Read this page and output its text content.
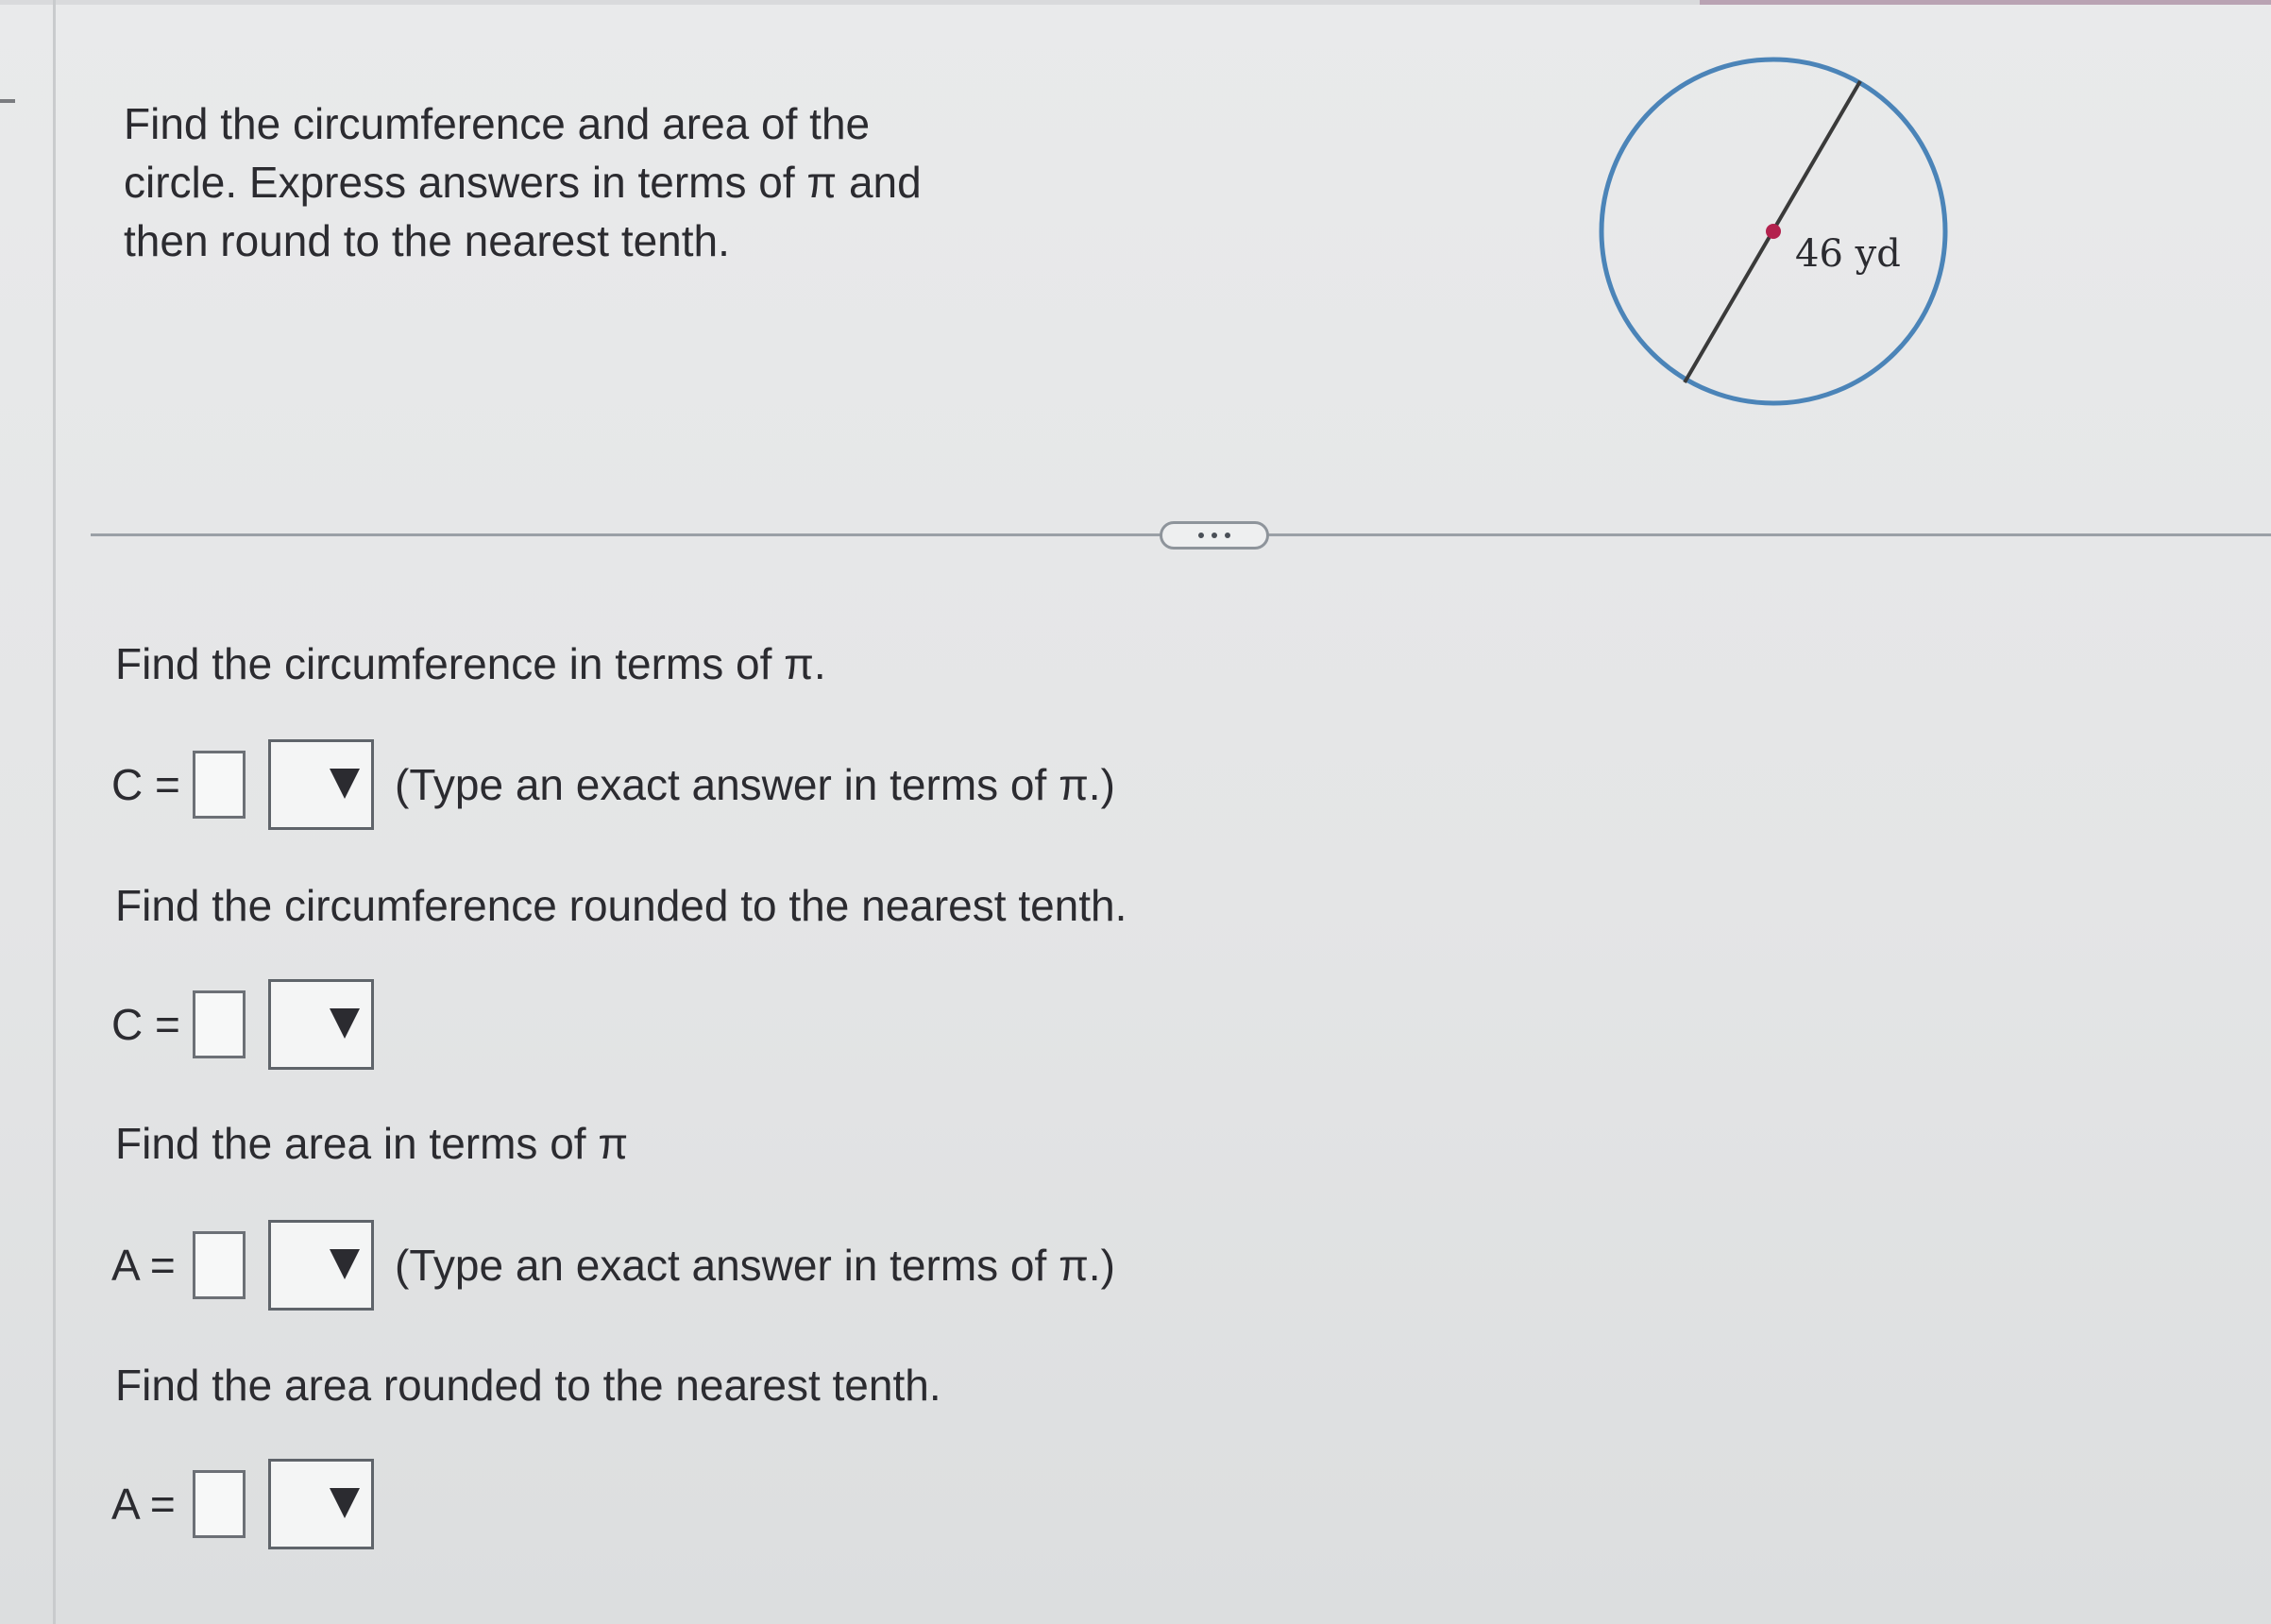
Find the circumference and area of the
circle. Express answers in terms of π and
then round to the nearest tenth.	46 yd
Find the circumference in terms of π.
C =	(Type an exact answer in terms of π.)
Find the circumference rounded to the nearest tenth.
C =
Find the area in terms of π
A =	(Type an exact answer in terms of π.)
Find the area rounded to the nearest tenth.
A =
